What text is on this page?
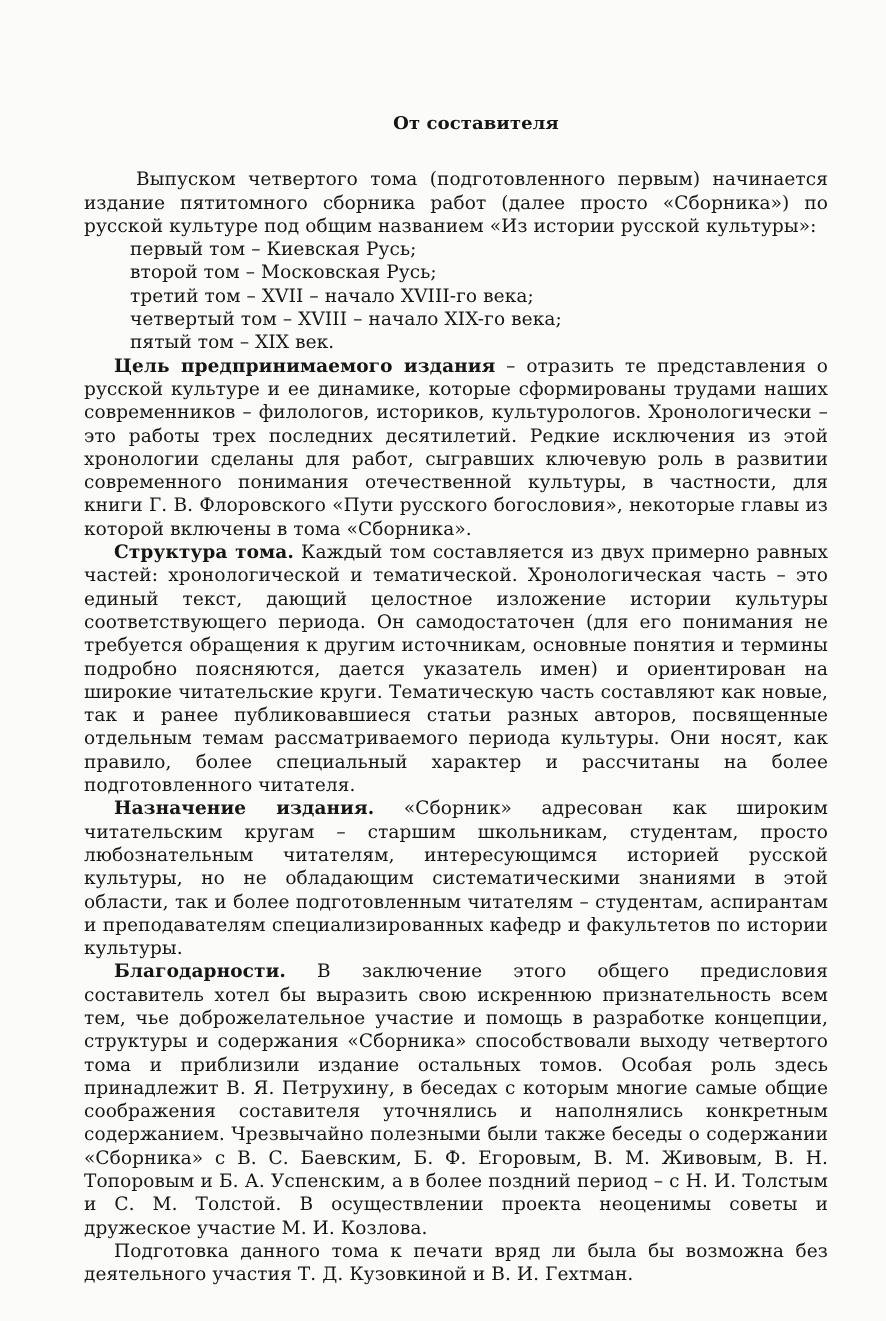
От составителя

Выпуском четвертого тома (подготовленного первым) начинается издание пятитомного сборника работ (далее просто «Сборника») по русской культуре под общим названием «Из истории русской культуры»:

первый том – Киевская Русь;
второй том – Московская Русь;
третий том – XVII – начало XVIII-го века;
четвертый том – XVIII – начало XIX-го века;
пятый том – XIX век.

Цель предпринимаемого издания – отразить те представления о русской культуре и ее динамике, которые сформированы трудами наших современников – филологов, историков, культурологов. Хронологически – это работы трех последних десятилетий. Редкие исключения из этой хронологии сделаны для работ, сыгравших ключевую роль в развитии современного понимания отечественной культуры, в частности, для книги Г. В. Флоровского «Пути русского богословия», некоторые главы из которой включены в тома «Сборника».

Структура тома. Каждый том составляется из двух примерно равных частей: хронологической и тематической. Хронологическая часть – это единый текст, дающий целостное изложение истории культуры соответствующего периода. Он самодостаточен (для его понимания не требуется обращения к другим источникам, основные понятия и термины подробно поясняются, дается указатель имен) и ориентирован на широкие читательские круги. Тематическую часть составляют как новые, так и ранее публиковавшиеся статьи разных авторов, посвященные отдельным темам рассматриваемого периода культуры. Они носят, как правило, более специальный характер и рассчитаны на более подготовленного читателя.

Назначение издания. «Сборник» адресован как широким читательским кругам – старшим школьникам, студентам, просто любознательным читателям, интересующимся историей русской культуры, но не обладающим систематическими знаниями в этой области, так и более подготовленным читателям – студентам, аспирантам и преподавателям специализированных кафедр и факультетов по истории культуры.

Благодарности. В заключение этого общего предисловия составитель хотел бы выразить свою искреннюю признательность всем тем, чье доброжелательное участие и помощь в разработке концепции, структуры и содержания «Сборника» способствовали выходу четвертого тома и приблизили издание остальных томов. Особая роль здесь принадлежит В. Я. Петрухину, в беседах с которым многие самые общие соображения составителя уточнялись и наполнялись конкретным содержанием. Чрезвычайно полезными были также беседы о содержании «Сборника» с В. С. Баевским, Б. Ф. Егоровым, В. М. Живовым, В. Н. Топоровым и Б. А. Успенским, а в более поздний период – с Н. И. Толстым и С. М. Толстой. В осуществлении проекта неоценимы советы и дружеское участие М. И. Козлова.

Подготовка данного тома к печати вряд ли была бы возможна без деятельного участия Т. Д. Кузовкиной и В. И. Гехтман.
